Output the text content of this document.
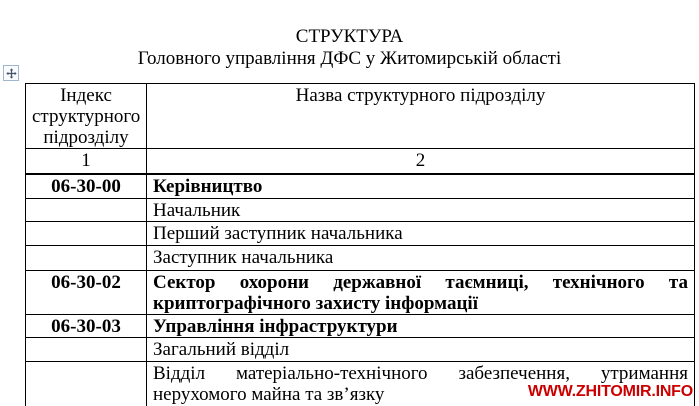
СТРУКТУРА
Головного управління ДФС у Житомирській області
Індекс структурного підрозділу	Назва структурного підрозділу
1	2
06-30-00	Керівництво
	Начальник
	Перший заступник начальника
	Заступник начальника
06-30-02	Сектор охорони державної таємниці, технічного та
криптографічного захисту інформації

06-30-03	Управління інфраструктури
	Загальний відділ

	Відділ матеріально-технічного забезпечення, утримання
нерухомого майна та зв’язку	WWW.ZHITOMIR.INFO
